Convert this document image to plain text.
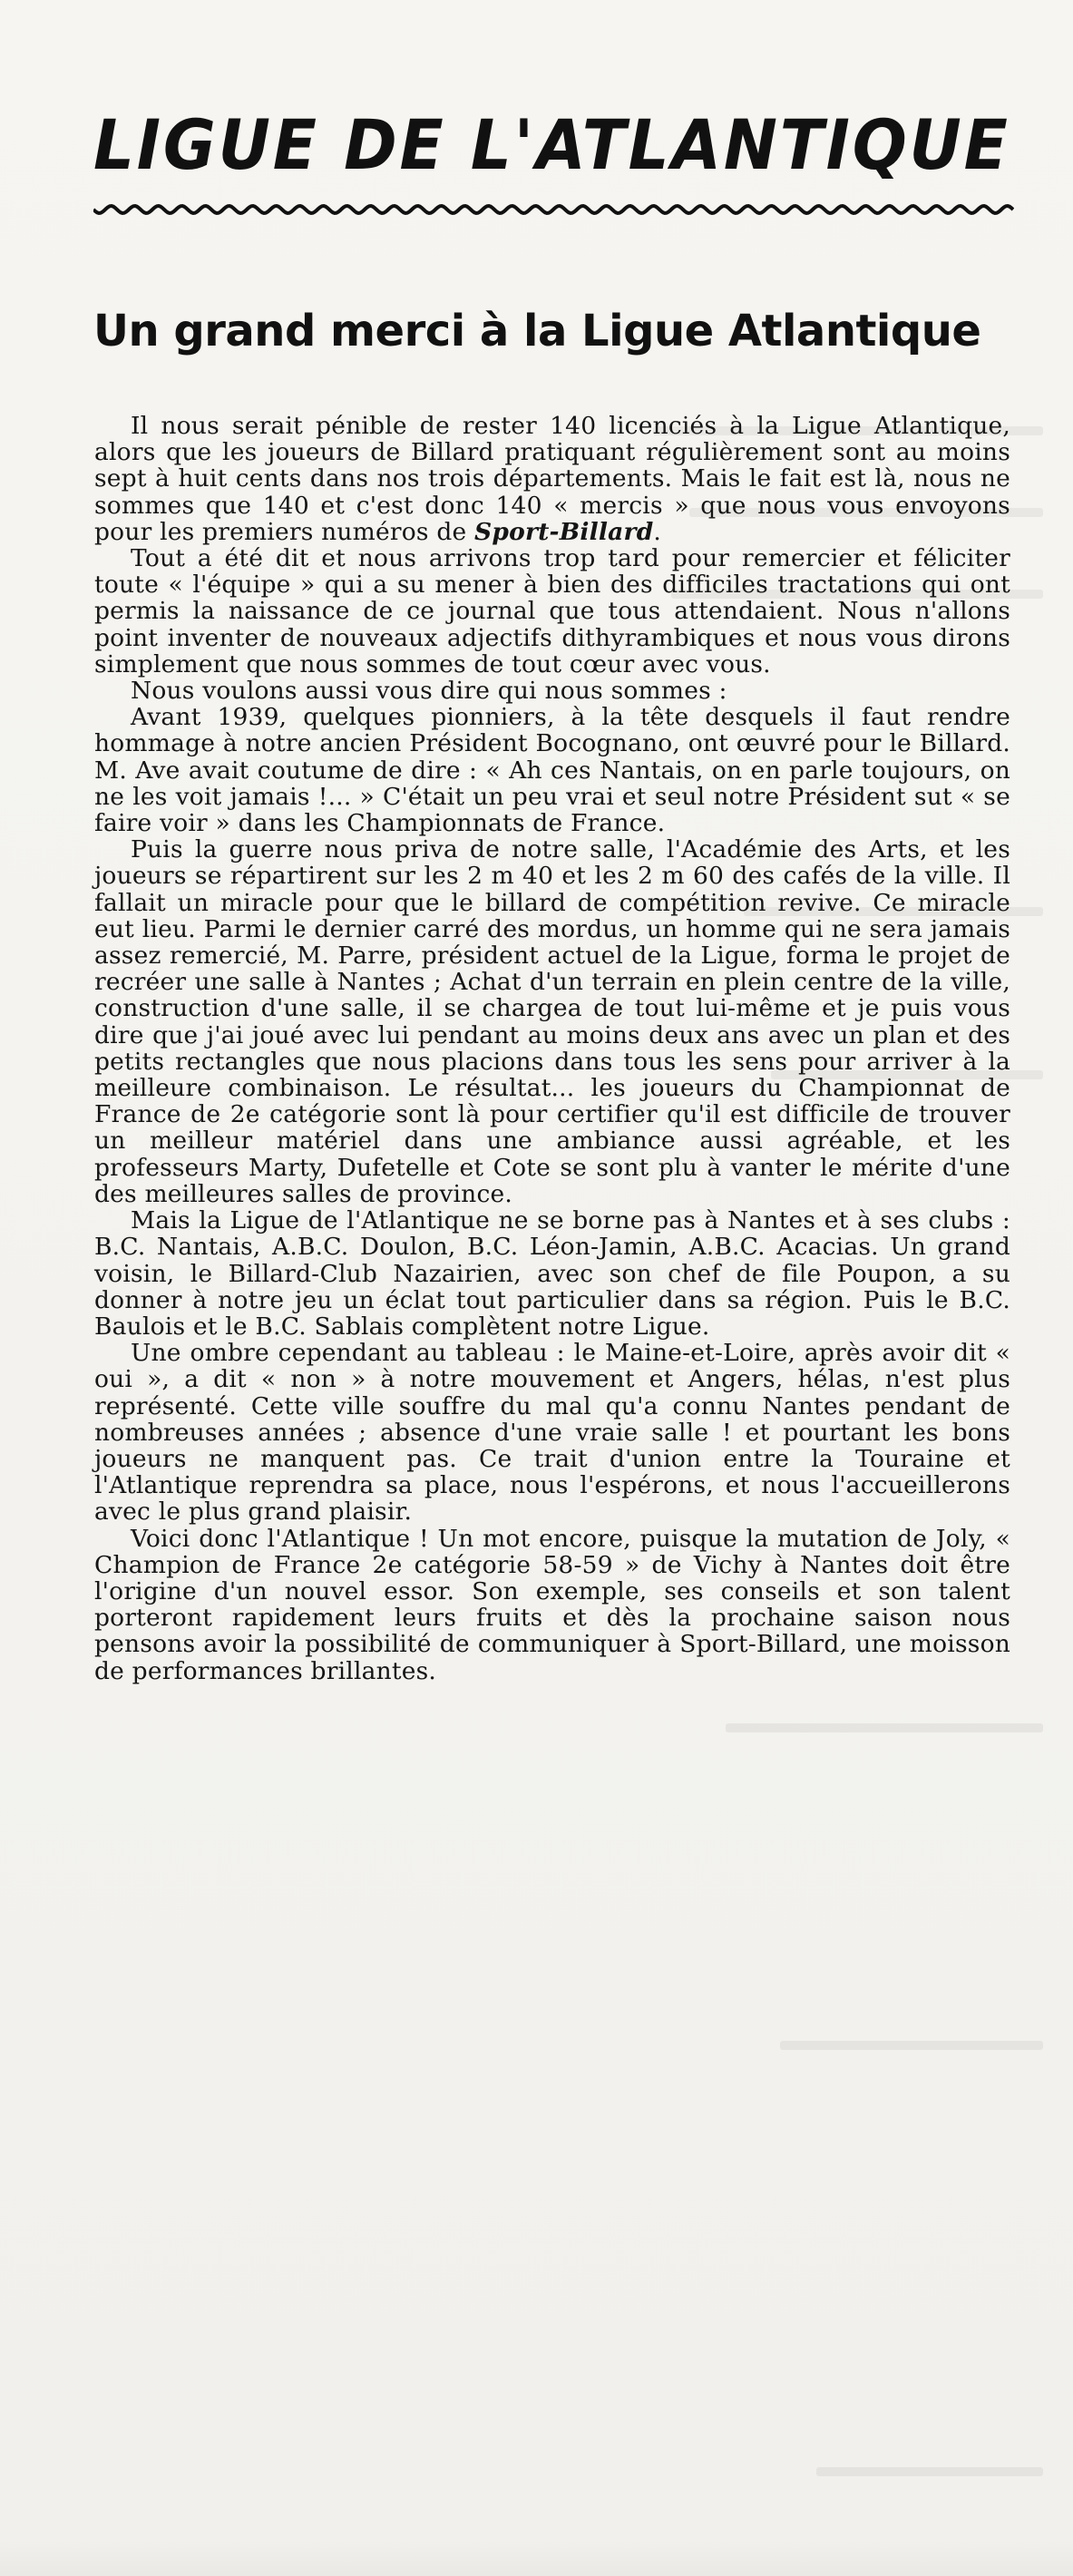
LIGUE DE L'ATLANTIQUE
Un grand merci à la Ligue Atlantique

Il nous serait pénible de rester 140 licenciés à la Ligue Atlantique, alors que les joueurs de Billard pratiquant régulièrement sont au moins sept à huit cents dans nos trois départements. Mais le fait est là, nous ne sommes que 140 et c'est donc 140 « mercis » que nous vous envoyons pour les premiers numéros de Sport-Billard.

Tout a été dit et nous arrivons trop tard pour remercier et féliciter toute « l'équipe » qui a su mener à bien des difficiles tractations qui ont permis la naissance de ce journal que tous attendaient. Nous n'allons point inventer de nouveaux adjectifs dithyrambiques et nous vous dirons simplement que nous sommes de tout cœur avec vous.

Nous voulons aussi vous dire qui nous sommes :

Avant 1939, quelques pionniers, à la tête desquels il faut rendre hommage à notre ancien Président Bocognano, ont œuvré pour le Billard. M. Ave avait coutume de dire : « Ah ces Nantais, on en parle toujours, on ne les voit jamais !... » C'était un peu vrai et seul notre Président sut « se faire voir » dans les Championnats de France.

Puis la guerre nous priva de notre salle, l'Académie des Arts, et les joueurs se répartirent sur les 2 m 40 et les 2 m 60 des cafés de la ville. Il fallait un miracle pour que le billard de compétition revive. Ce miracle eut lieu. Parmi le dernier carré des mordus, un homme qui ne sera jamais assez remercié, M. Parre, président actuel de la Ligue, forma le projet de recréer une salle à Nantes ; Achat d'un terrain en plein centre de la ville, construction d'une salle, il se chargea de tout lui-même et je puis vous dire que j'ai joué avec lui pendant au moins deux ans avec un plan et des petits rectangles que nous placions dans tous les sens pour arriver à la meilleure combinaison. Le résultat... les joueurs du Championnat de France de 2e catégorie sont là pour certifier qu'il est difficile de trouver un meilleur matériel dans une ambiance aussi agréable, et les professeurs Marty, Dufetelle et Cote se sont plu à vanter le mérite d'une des meilleures salles de province.

Mais la Ligue de l'Atlantique ne se borne pas à Nantes et à ses clubs : B.C. Nantais, A.B.C. Doulon, B.C. Léon-Jamin, A.B.C. Acacias. Un grand voisin, le Billard-Club Nazairien, avec son chef de file Poupon, a su donner à notre jeu un éclat tout particulier dans sa région. Puis le B.C. Baulois et le B.C. Sablais complètent notre Ligue.

Une ombre cependant au tableau : le Maine-et-Loire, après avoir dit « oui », a dit « non » à notre mouvement et Angers, hélas, n'est plus représenté. Cette ville souffre du mal qu'a connu Nantes pendant de nombreuses années ; absence d'une vraie salle ! et pourtant les bons joueurs ne manquent pas. Ce trait d'union entre la Touraine et l'Atlantique reprendra sa place, nous l'espérons, et nous l'accueillerons avec le plus grand plaisir.

Voici donc l'Atlantique ! Un mot encore, puisque la mutation de Joly, « Champion de France 2e catégorie 58-59 » de Vichy à Nantes doit être l'origine d'un nouvel essor. Son exemple, ses conseils et son talent porteront rapidement leurs fruits et dès la prochaine saison nous pensons avoir la possibilité de communiquer à Sport-Billard, une moisson de performances brillantes.
